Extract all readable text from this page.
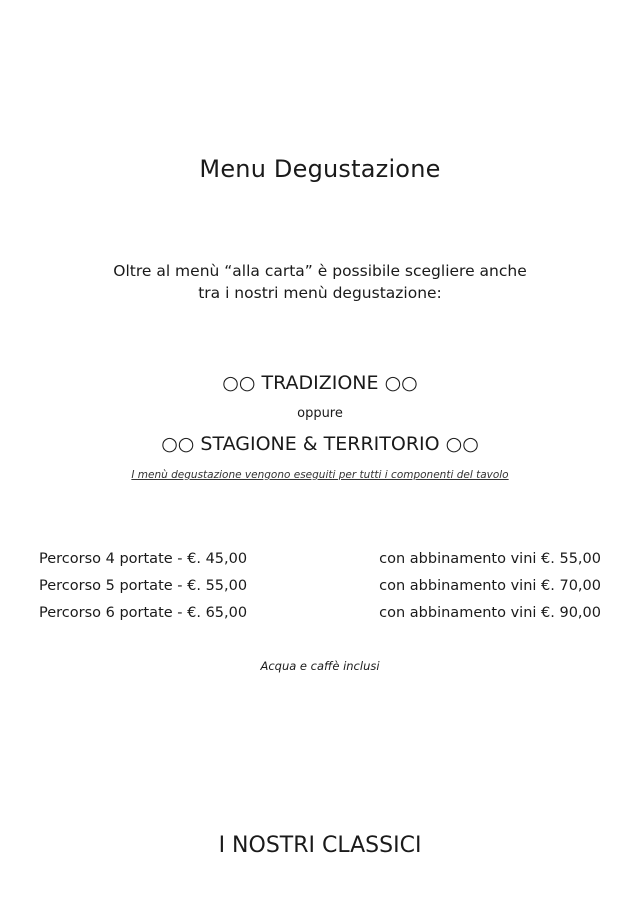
Menu Degustazione
Oltre al menù “alla carta” è possibile scegliere anche
tra i nostri menù degustazione:
○○ TRADIZIONE ○○
oppure
○○ STAGIONE & TERRITORIO ○○
I menù degustazione vengono eseguiti per tutti i componenti del tavolo
Percorso 4 portate - €. 45,00	con abbinamento vini €. 55,00
Percorso 5 portate - €. 55,00	con abbinamento vini €. 70,00
Percorso 6 portate - €. 65,00	con abbinamento vini €. 90,00
Acqua e caffè inclusi
I NOSTRI CLASSICI
